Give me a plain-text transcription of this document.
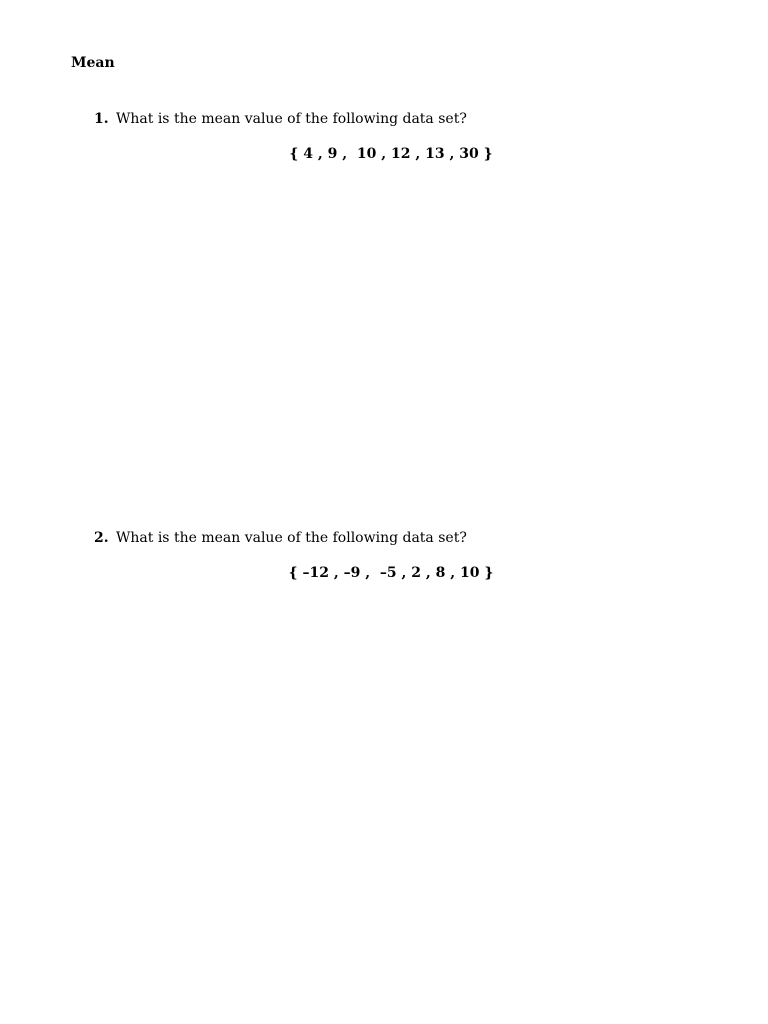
Mean
1. What is the mean value of the following data set?
{ 4 , 9 ,  10 , 12 , 13 , 30 }
2. What is the mean value of the following data set?
{ –12 , –9 ,  –5 , 2 , 8 , 10 }
